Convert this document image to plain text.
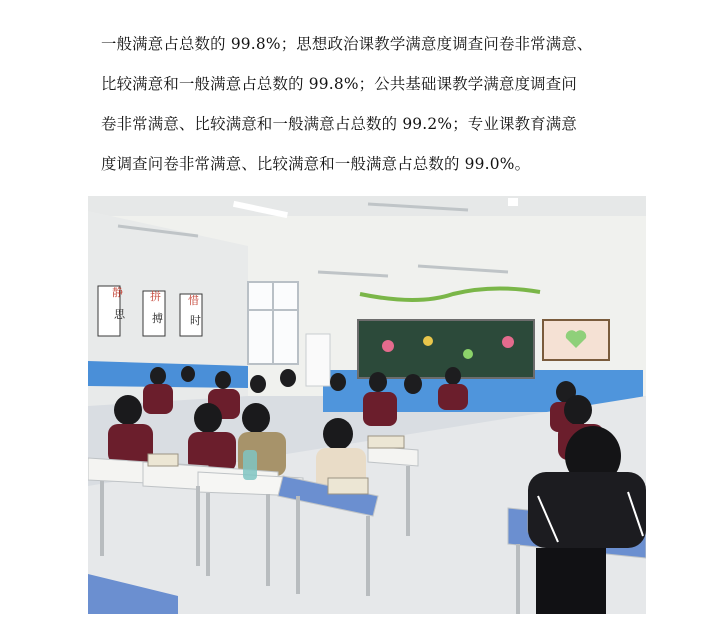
一般满意占总数的 99.8%；思想政治课教学满意度调查问卷非常满意、
比较满意和一般满意占总数的 99.8%；公共基础课教学满意度调查问
卷非常满意、比较满意和一般满意占总数的 99.2%；专业课教育满意
度调查问卷非常满意、比较满意和一般满意占总数的 99.0%。
静
思
拼
搏
惜
时
